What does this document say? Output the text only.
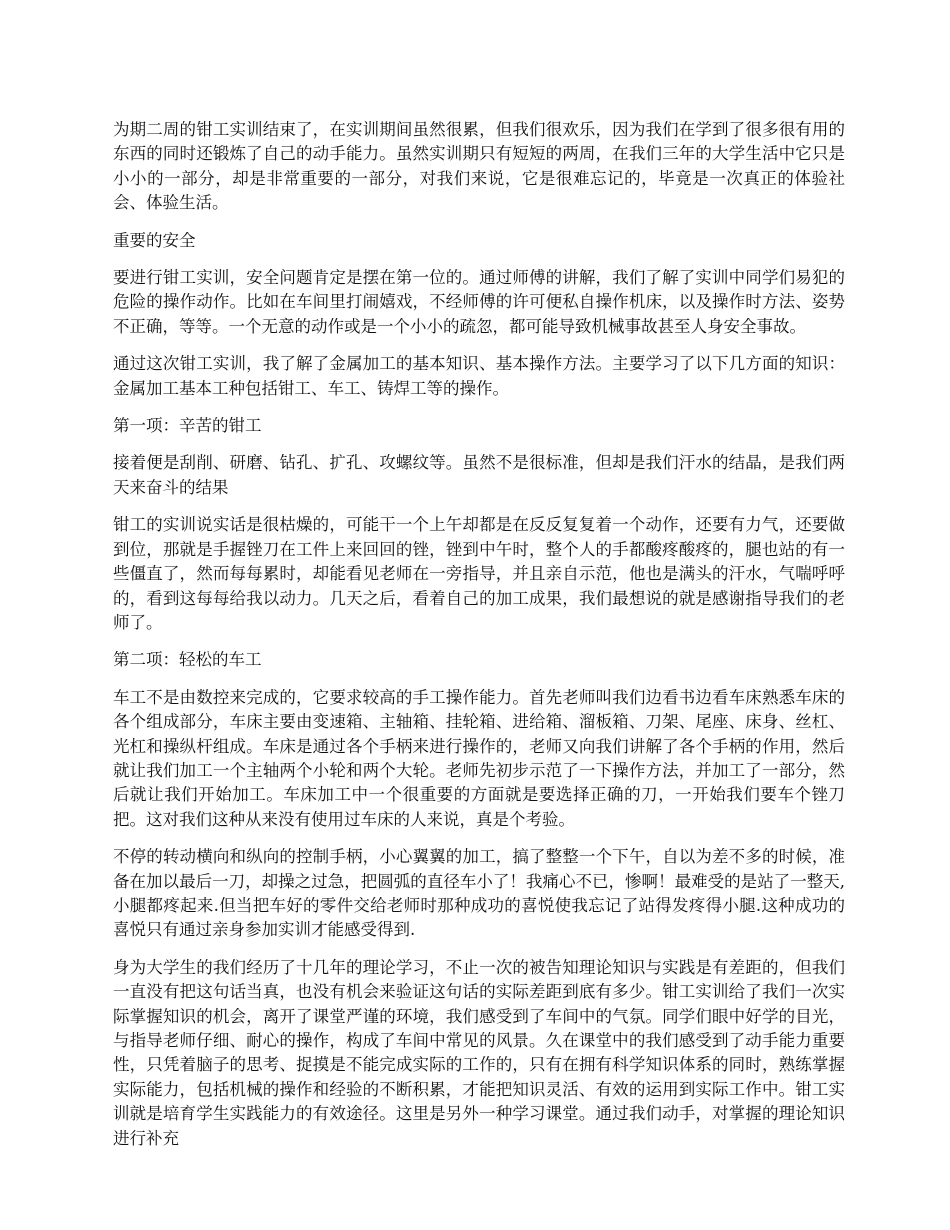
为期二周的钳工实训结束了，在实训期间虽然很累，但我们很欢乐，因为我们在学到了很多很有用的东西的同时还锻炼了自己的动手能力。虽然实训期只有短短的两周，在我们三年的大学生活中它只是小小的一部分，却是非常重要的一部分，对我们来说，它是很难忘记的，毕竟是一次真正的体验社会、体验生活。

重要的安全

要进行钳工实训，安全问题肯定是摆在第一位的。通过师傅的讲解，我们了解了实训中同学们易犯的危险的操作动作。比如在车间里打闹嬉戏，不经师傅的许可便私自操作机床，以及操作时方法、姿势不正确，等等。一个无意的动作或是一个小小的疏忽，都可能导致机械事故甚至人身安全事故。

通过这次钳工实训，我了解了金属加工的基本知识、基本操作方法。主要学习了以下几方面的知识：金属加工基本工种包括钳工、车工、铸焊工等的操作。

第一项：辛苦的钳工

接着便是刮削、研磨、钻孔、扩孔、攻螺纹等。虽然不是很标准，但却是我们汗水的结晶，是我们两天来奋斗的结果

钳工的实训说实话是很枯燥的，可能干一个上午却都是在反反复复着一个动作，还要有力气，还要做到位，那就是手握锉刀在工件上来回回的锉，锉到中午时，整个人的手都酸疼酸疼的，腿也站的有一些僵直了，然而每每累时，却能看见老师在一旁指导，并且亲自示范，他也是满头的汗水，气喘呼呼的，看到这每每给我以动力。几天之后，看着自己的加工成果，我们最想说的就是感谢指导我们的老师了。

第二项：轻松的车工

车工不是由数控来完成的，它要求较高的手工操作能力。首先老师叫我们边看书边看车床熟悉车床的各个组成部分，车床主要由变速箱、主轴箱、挂轮箱、进给箱、溜板箱、刀架、尾座、床身、丝杠、光杠和操纵杆组成。车床是通过各个手柄来进行操作的，老师又向我们讲解了各个手柄的作用，然后就让我们加工一个主轴两个小轮和两个大轮。老师先初步示范了一下操作方法，并加工了一部分，然后就让我们开始加工。车床加工中一个很重要的方面就是要选择正确的刀，一开始我们要车个锉刀把。这对我们这种从来没有使用过车床的人来说，真是个考验。

不停的转动横向和纵向的控制手柄，小心翼翼的加工，搞了整整一个下午，自以为差不多的时候，准备在加以最后一刀，却操之过急，把圆弧的直径车小了！我痛心不已，惨啊！最难受的是站了一整天,小腿都疼起来.但当把车好的零件交给老师时那种成功的喜悦使我忘记了站得发疼得小腿.这种成功的喜悦只有通过亲身参加实训才能感受得到.

身为大学生的我们经历了十几年的理论学习，不止一次的被告知理论知识与实践是有差距的，但我们一直没有把这句话当真，也没有机会来验证这句话的实际差距到底有多少。钳工实训给了我们一次实际掌握知识的机会，离开了课堂严谨的环境，我们感受到了车间中的气氛。同学们眼中好学的目光，与指导老师仔细、耐心的操作，构成了车间中常见的风景。久在课堂中的我们感受到了动手能力重要性，只凭着脑子的思考、捉摸是不能完成实际的工作的，只有在拥有科学知识体系的同时，熟练掌握实际能力，包括机械的操作和经验的不断积累，才能把知识灵活、有效的运用到实际工作中。钳工实训就是培育学生实践能力的有效途径。这里是另外一种学习课堂。通过我们动手，对掌握的理论知识进行补充
